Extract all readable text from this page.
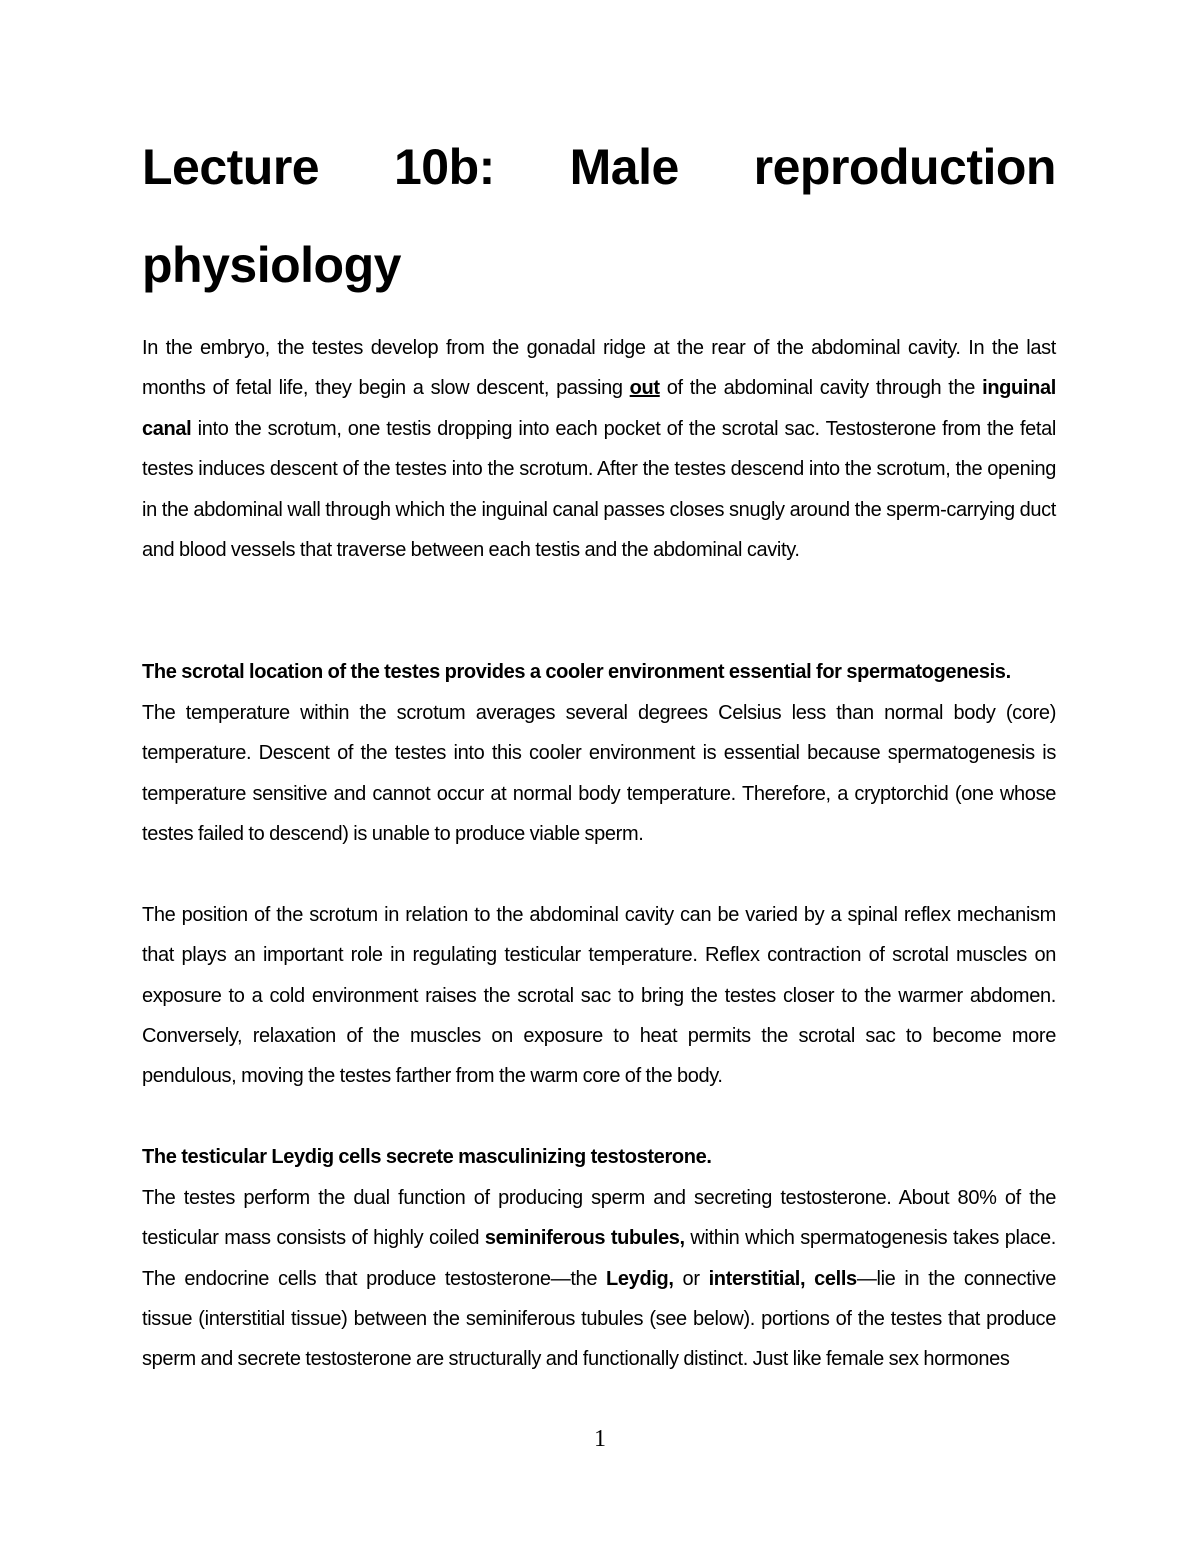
Lecture 10b: Male reproduction
physiology

In the embryo, the testes develop from the gonadal ridge at the rear of the abdominal cavity. In the last months of fetal life, they begin a slow descent, passing out of the abdominal cavity through the inguinal canal into the scrotum, one testis dropping into each pocket of the scrotal sac. Testosterone from the fetal testes induces descent of the testes into the scrotum. After the testes descend into the scrotum, the opening in the abdominal wall through which the inguinal canal passes closes snugly around the sperm-carrying duct and blood vessels that traverse between each testis and the abdominal cavity.

The scrotal location of the testes provides a cooler environment essential for spermatogenesis.

The temperature within the scrotum averages several degrees Celsius less than normal body (core) temperature. Descent of the testes into this cooler environment is essential because spermatogenesis is temperature sensitive and cannot occur at normal body temperature. Therefore, a cryptorchid (one whose testes failed to descend) is unable to produce viable sperm.

The position of the scrotum in relation to the abdominal cavity can be varied by a spinal reflex mechanism that plays an important role in regulating testicular temperature. Reflex contraction of scrotal muscles on exposure to a cold environment raises the scrotal sac to bring the testes closer to the warmer abdomen. Conversely, relaxation of the muscles on exposure to heat permits the scrotal sac to become more pendulous, moving the testes farther from the warm core of the body.

The testicular Leydig cells secrete masculinizing testosterone.

The testes perform the dual function of producing sperm and secreting testosterone. About 80% of the testicular mass consists of highly coiled seminiferous tubules, within which spermatogenesis takes place. The endocrine cells that produce testosterone—the Leydig, or interstitial, cells—lie in the connective tissue (interstitial tissue) between the seminiferous tubules (see below). portions of the testes that produce sperm and secrete testosterone are structurally and functionally distinct. Just like female sex hormones

1
